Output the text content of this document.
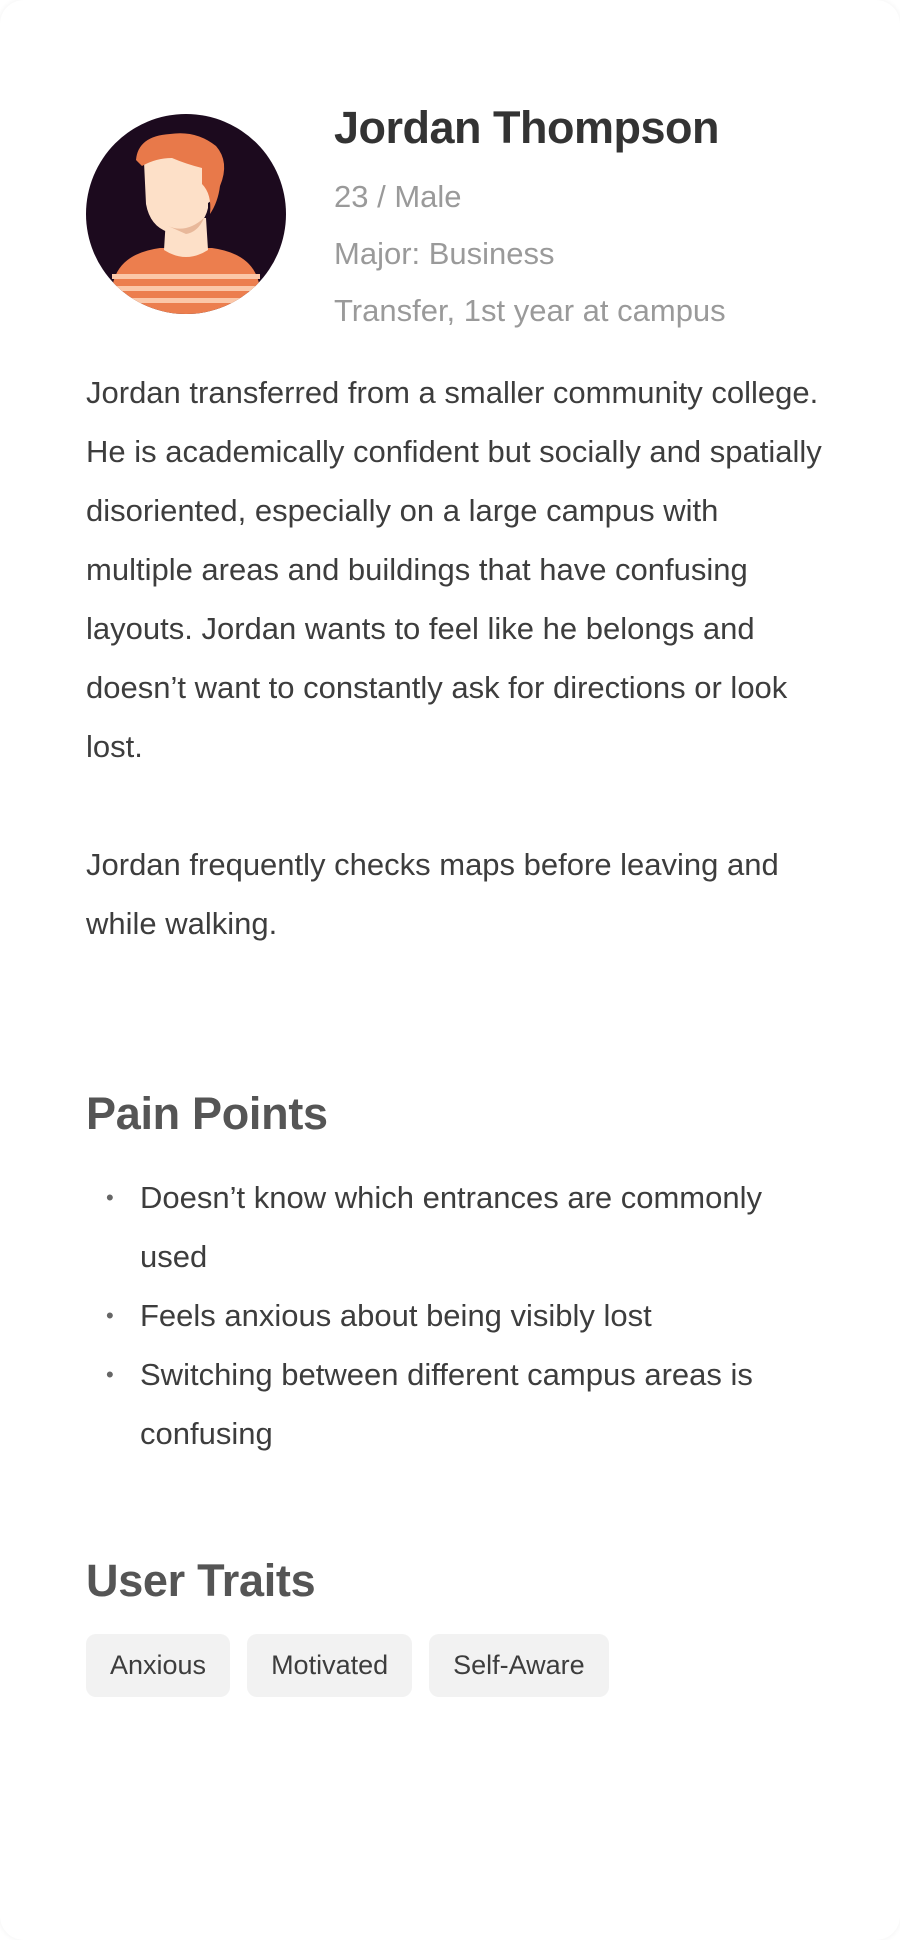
Jordan Thompson
23 / Male
Major: Business
Transfer, 1st year at campus

Jordan transferred from a smaller community college. He is academically confident but socially and spatially disoriented, especially on a large campus with multiple areas and buildings that have confusing layouts. Jordan wants to feel like he belongs and doesn’t want to constantly ask for directions or look lost.

Jordan frequently checks maps before leaving and while walking.

Pain Points
• Doesn’t know which entrances are commonly used
• Feels anxious about being visibly lost
• Switching between different campus areas is confusing
User Traits
Anxious	Motivated	Self-Aware
